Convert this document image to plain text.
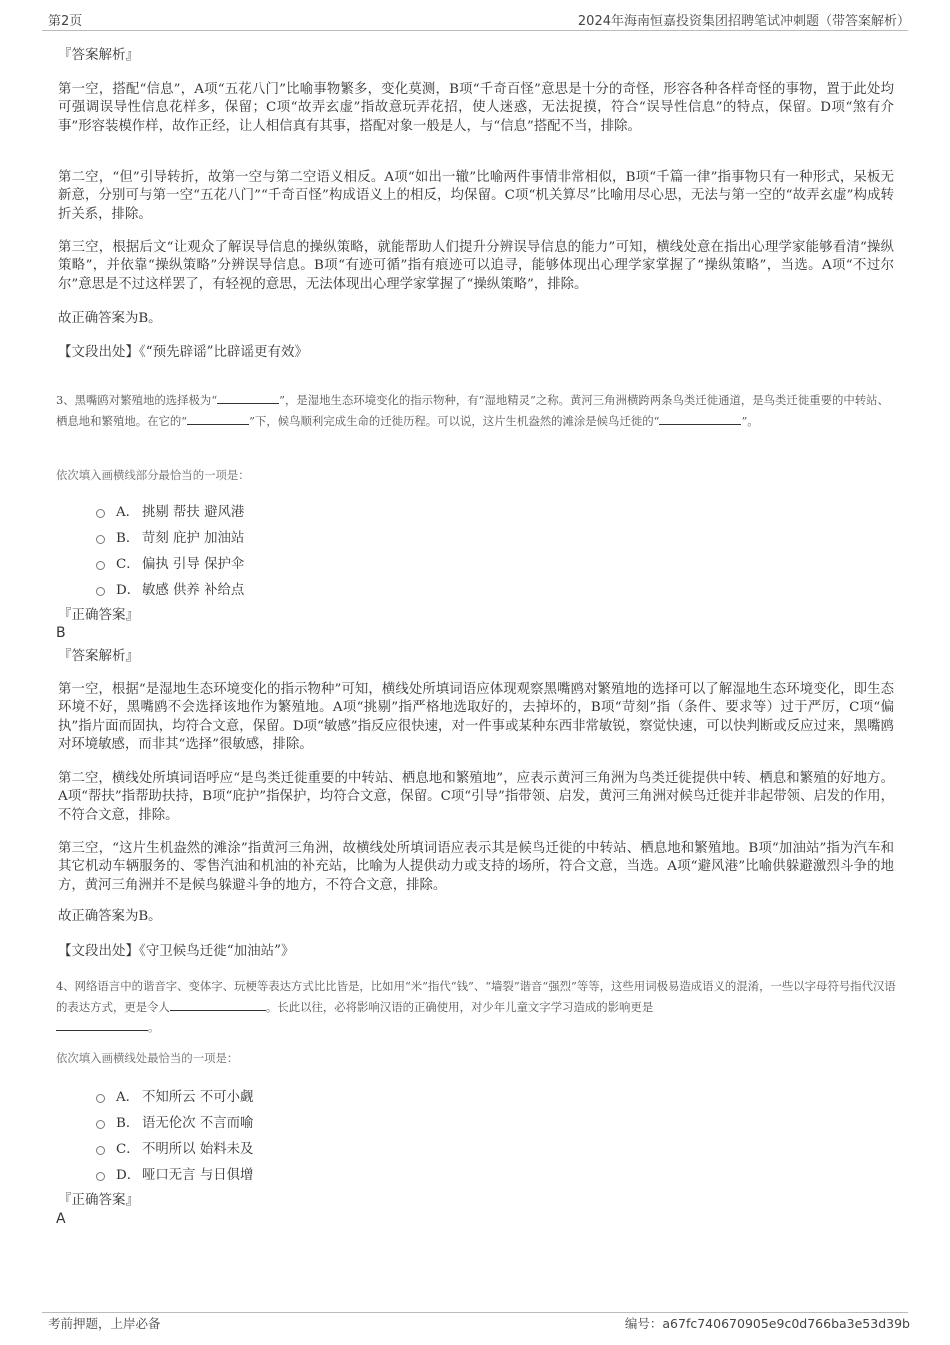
第2页	2024年海南恒嘉投资集团招聘笔试冲刺题（带答案解析）
『答案解析』

第一空，搭配“信息”，A项“五花八门”比喻事物繁多，变化莫测，B项“千奇百怪”意思是十分的奇怪，形容各种各样奇怪的事物，置于此处均可强调误导性信息花样多，保留；C项“故弄玄虚”指故意玩弄花招，使人迷惑，无法捉摸，符合“误导性信息”的特点，保留。D项“煞有介事”形容装模作样，故作正经，让人相信真有其事，搭配对象一般是人，与“信息”搭配不当，排除。

第二空，“但”引导转折，故第一空与第二空语义相反。A项“如出一辙”比喻两件事情非常相似，B项“千篇一律”指事物只有一种形式，呆板无新意，分别可与第一空“五花八门”“千奇百怪”构成语义上的相反，均保留。C项“机关算尽”比喻用尽心思，无法与第一空的“故弄玄虚”构成转折关系，排除。

第三空，根据后文“让观众了解误导信息的操纵策略，就能帮助人们提升分辨误导信息的能力”可知，横线处意在指出心理学家能够看清“操纵策略”，并依靠“操纵策略”分辨误导信息。B项“有迹可循”指有痕迹可以追寻，能够体现出心理学家掌握了“操纵策略”，当选。A项“不过尔尔”意思是不过这样罢了，有轻视的意思，无法体现出心理学家掌握了“操纵策略”，排除。

故正确答案为B。

【文段出处】《“预先辟谣”比辟谣更有效》

3、黑嘴鸥对繁殖地的选择极为“	”，是湿地生态环境变化的指示物种，有“湿地精灵”之称。黄河三角洲横跨两条鸟类迁徙通道，是鸟类迁徙重要的中转站、栖息地和繁殖地。在它的“	”下，候鸟顺利完成生命的迁徙历程。可以说，这片生机盎然的滩涂是候鸟迁徙的“	”。

依次填入画横线部分最恰当的一项是：
A． 挑剔 帮扶 避风港
B． 苛刻 庇护 加油站
C． 偏执 引导 保护伞
D． 敏感 供养 补给点
『正确答案』
B
『答案解析』

第一空，根据“是湿地生态环境变化的指示物种”可知，横线处所填词语应体现观察黑嘴鸥对繁殖地的选择可以了解湿地生态环境变化，即生态环境不好，黑嘴鸥不会选择该地作为繁殖地。A项“挑剔”指严格地选取好的，去掉坏的，B项“苛刻”指（条件、要求等）过于严厉，C项“偏执”指片面而固执，均符合文意，保留。D项“敏感”指反应很快速，对一件事或某种东西非常敏锐，察觉快速，可以快判断或反应过来，黑嘴鸥对环境敏感，而非其“选择”很敏感，排除。

第二空，横线处所填词语呼应“是鸟类迁徙重要的中转站、栖息地和繁殖地”，应表示黄河三角洲为鸟类迁徙提供中转、栖息和繁殖的好地方。A项“帮扶”指帮助扶持，B项“庇护”指保护，均符合文意，保留。C项“引导”指带领、启发，黄河三角洲对候鸟迁徙并非起带领、启发的作用，不符合文意，排除。

第三空，“这片生机盎然的滩涂”指黄河三角洲，故横线处所填词语应表示其是候鸟迁徙的中转站、栖息地和繁殖地。B项“加油站”指为汽车和其它机动车辆服务的、零售汽油和机油的补充站，比喻为人提供动力或支持的场所，符合文意，当选。A项“避风港”比喻供躲避激烈斗争的地方，黄河三角洲并不是候鸟躲避斗争的地方，不符合文意，排除。

故正确答案为B。

【文段出处】《守卫候鸟迁徙“加油站”》

4、网络语言中的谐音字、变体字、玩梗等表达方式比比皆是，比如用“米”指代“钱”、“墙裂”谐音“强烈”等等，这些用词极易造成语义的混淆，一些以字母符号指代汉语的表达方式，更是令人	。长此以往，必将影响汉语的正确使用，对少年儿童文字学习造成的影响更是
。

依次填入画横线处最恰当的一项是：
A． 不知所云 不可小觑
B． 语无伦次 不言而喻
C． 不明所以 始料未及
D． 哑口无言 与日俱增
『正确答案』
A
考前押题，上岸必备	编号：a67fc740670905e9c0d766ba3e53d39b
